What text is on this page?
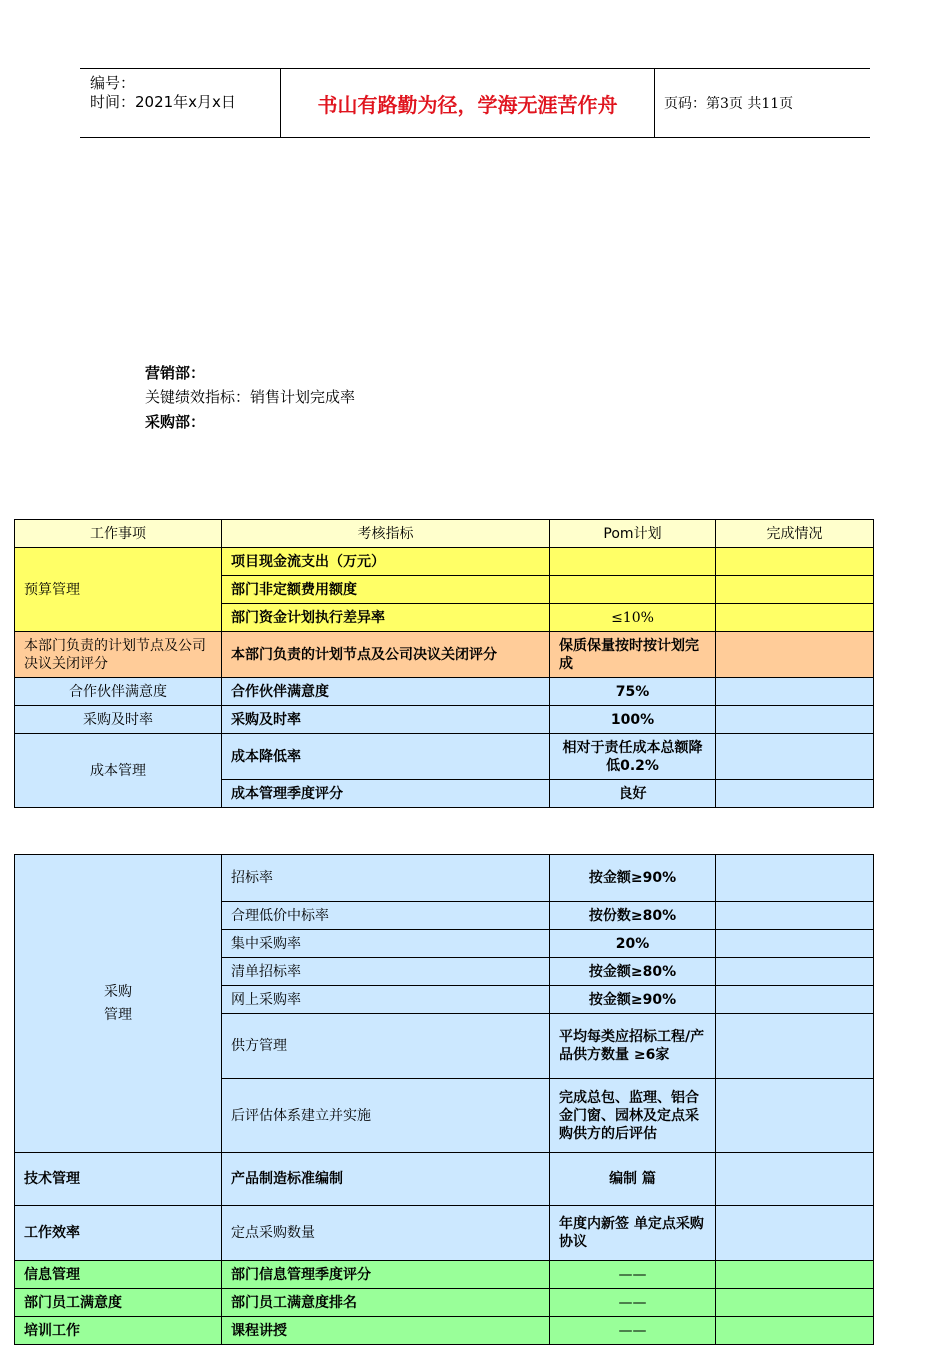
编号：
时间：2021年x月x日	书山有路勤为径，学海无涯苦作舟	页码：第3页 共11页
营销部：
关键绩效指标：销售计划完成率
采购部：
工作事项	考核指标	Pom计划	完成情况
预算管理	项目现金流支出（万元）		
	部门非定额费用额度		
	部门资金计划执行差异率	≤10%	
本部门负责的计划节点及公司决议关闭评分	本部门负责的计划节点及公司决议关闭评分	保质保量按时按计划完成	
合作伙伴满意度	合作伙伴满意度	75%	
采购及时率	采购及时率	100%	
成本管理	成本降低率	相对于责任成本总额降低0.2%	
	成本管理季度评分	良好	
采购
管理	招标率	按金额≥90%	
	合理低价中标率	按份数≥80%	
	集中采购率	20%	
	清单招标率	按金额≥80%	
	网上采购率	按金额≥90%	
	供方管理	平均每类应招标工程/产品供方数量 ≥6家	
	后评估体系建立并实施	完成总包、监理、铝合金门窗、园林及定点采购供方的后评估	
技术管理	产品制造标准编制	编制 篇	
工作效率	定点采购数量	年度内新签 单定点采购协议	
信息管理	部门信息管理季度评分	——	
部门员工满意度	部门员工满意度排名	——	
培训工作	课程讲授	——	
